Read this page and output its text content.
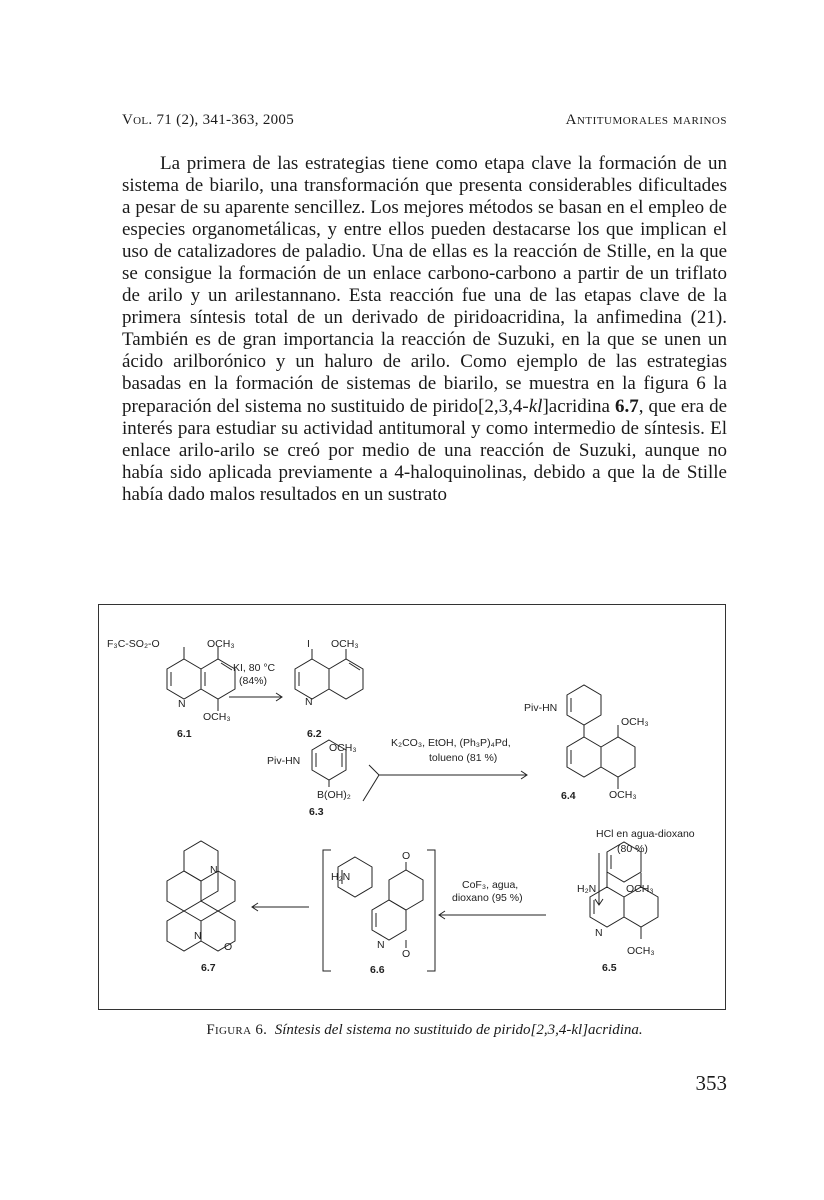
Vol. 71 (2), 341-363, 2005	Antitumorales marinos
  La primera de las estrategias tiene como etapa clave la formación de un sistema de biarilo, una transformación que presenta considerables dificultades a pesar de su aparente sencillez. Los mejores métodos se basan en el empleo de especies organometálicas, y entre ellos pueden destacarse los que implican el uso de catalizadores de paladio. Una de ellas es la reacción de Stille, en la que se consigue la formación de un enlace carbono-carbono a partir de un triflato de arilo y un arilestannano. Esta reacción fue una de las etapas clave de la primera síntesis total de un derivado de piridoacridina, la anfimedina (21). También es de gran importancia la reacción de Suzuki, en la que se unen un ácido arilborónico y un haluro de arilo. Como ejemplo de las estrategias basadas en la formación de sistemas de biarilo, se muestra en la figura 6 la preparación del sistema no sustituido de pirido[2,3,4-kl]acridina 6.7, que era de interés para estudiar su actividad antitumoral y como intermedio de síntesis. El enlace arilo-arilo se creó por medio de una reacción de Suzuki, aunque no había sido aplicada previamente a 4-haloquinolinas, debido a que la de Stille había dado malos resultados en un sustrato
F₃C-SO₂-O	OCH₃
N
OCH₃
6.1
KI, 80 °C
(84%)
I OCH₃
N
OCH₃
6.2
Piv-HN
B(OH)₂
6.3
K₂CO₃, EtOH, (Ph₃P)₄Pd,
tolueno (81 %)
Piv-HN
OCH₃
OCH₃
6.4
HCl en agua-dioxano
(80 %)
H₂N	OCH₃
N
OCH₃
6.5
CoF₃, agua,
dioxano (95 %)
H₂N
O
N
O
6.6
N
N
O
6.7
Figura 6. Síntesis del sistema no sustituido de pirido[2,3,4-kl]acridina.
353
